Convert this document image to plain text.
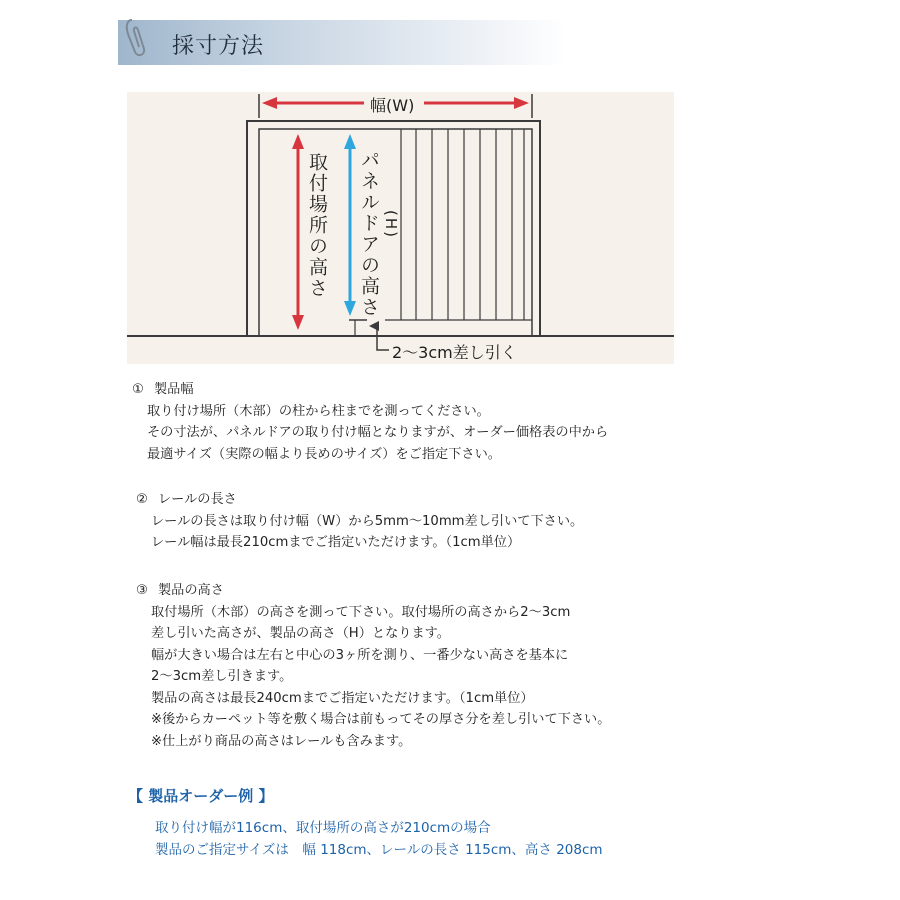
採寸方法
幅(W)
取付場所の高さ パネルドアの高さ (H)
2〜3cm差し引く
① 製品幅
取り付け場所（木部）の柱から柱までを測ってください。
その寸法が、パネルドアの取り付け幅となりますが、オーダー価格表の中から
最適サイズ（実際の幅より長めのサイズ）をご指定下さい。
② レールの長さ
レールの長さは取り付け幅（W）から5mm〜10mm差し引いて下さい。
レール幅は最長210cmまでご指定いただけます。（1cm単位）
③ 製品の高さ
取付場所（木部）の高さを測って下さい。取付場所の高さから2〜3cm
差し引いた高さが、製品の高さ（H）となります。
幅が大きい場合は左右と中心の3ヶ所を測り、一番少ない高さを基本に
2〜3cm差し引きます。
製品の高さは最長240cmまでご指定いただけます。（1cm単位）
※後からカーペット等を敷く場合は前もってその厚さ分を差し引いて下さい。
※仕上がり商品の高さはレールも含みます。
【 製品オーダー例 】
取り付け幅が116cm、取付場所の高さが210cmの場合
製品のご指定サイズは　幅 118cm、レールの長さ 115cm、高さ 208cm
